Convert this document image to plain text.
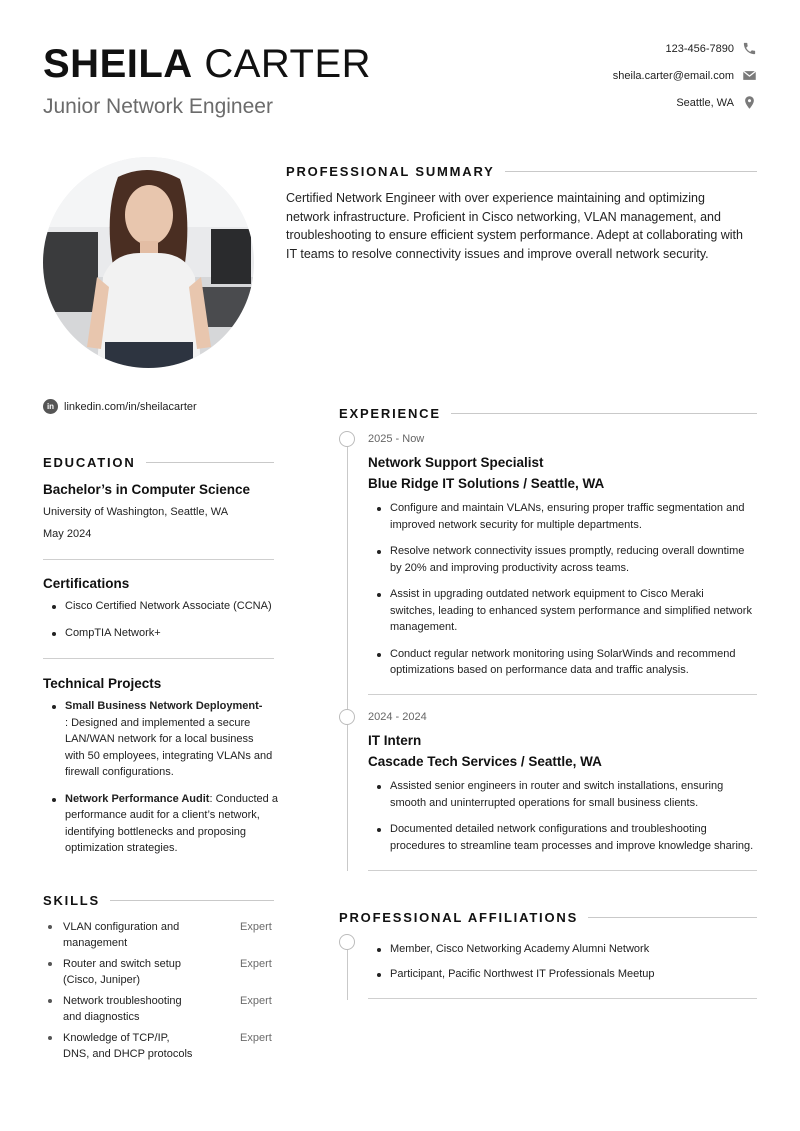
SHEILA CARTER
Junior Network Engineer
123-456-7890
sheila.carter@email.com
Seattle, WA
PROFESSIONAL SUMMARY
Certified Network Engineer with over experience maintaining and optimizing
network infrastructure. Proficient in Cisco networking, VLAN management, and
troubleshooting to ensure efficient system performance. Adept at collaborating with
IT teams to resolve connectivity issues and improve overall network security.
in linkedin.com/in/sheilacarter
EDUCATION
Bachelor’s in Computer Science
University of Washington, Seattle, WA
May 2024
Certifications
Cisco Certified Network Associate (CCNA)
CompTIA Network+
Technical Projects
Small Business Network Deployment-
: Designed and implemented a secure
LAN/WAN network for a local business
with 50 employees, integrating VLANs and
firewall configurations.
Network Performance Audit: Conducted a
performance audit for a client’s network,
identifying bottlenecks and proposing
optimization strategies.
SKILLS
VLAN configuration and
management
Expert
Router and switch setup
(Cisco, Juniper)
Expert
Network troubleshooting
and diagnostics
Expert
Knowledge of TCP/IP,
DNS, and DHCP protocols
Expert
EXPERIENCE
2025 - Now
Network Support Specialist
Blue Ridge IT Solutions / Seattle, WA
Configure and maintain VLANs, ensuring proper traffic segmentation and
improved network security for multiple departments.
Resolve network connectivity issues promptly, reducing overall downtime
by 20% and improving productivity across teams.
Assist in upgrading outdated network equipment to Cisco Meraki
switches, leading to enhanced system performance and simplified network
management.
Conduct regular network monitoring using SolarWinds and recommend
optimizations based on performance data and traffic analysis.
2024 - 2024
IT Intern
Cascade Tech Services / Seattle, WA
Assisted senior engineers in router and switch installations, ensuring
smooth and uninterrupted operations for small business clients.
Documented detailed network configurations and troubleshooting
procedures to streamline team processes and improve knowledge sharing.
PROFESSIONAL AFFILIATIONS
Member, Cisco Networking Academy Alumni Network
Participant, Pacific Northwest IT Professionals Meetup
